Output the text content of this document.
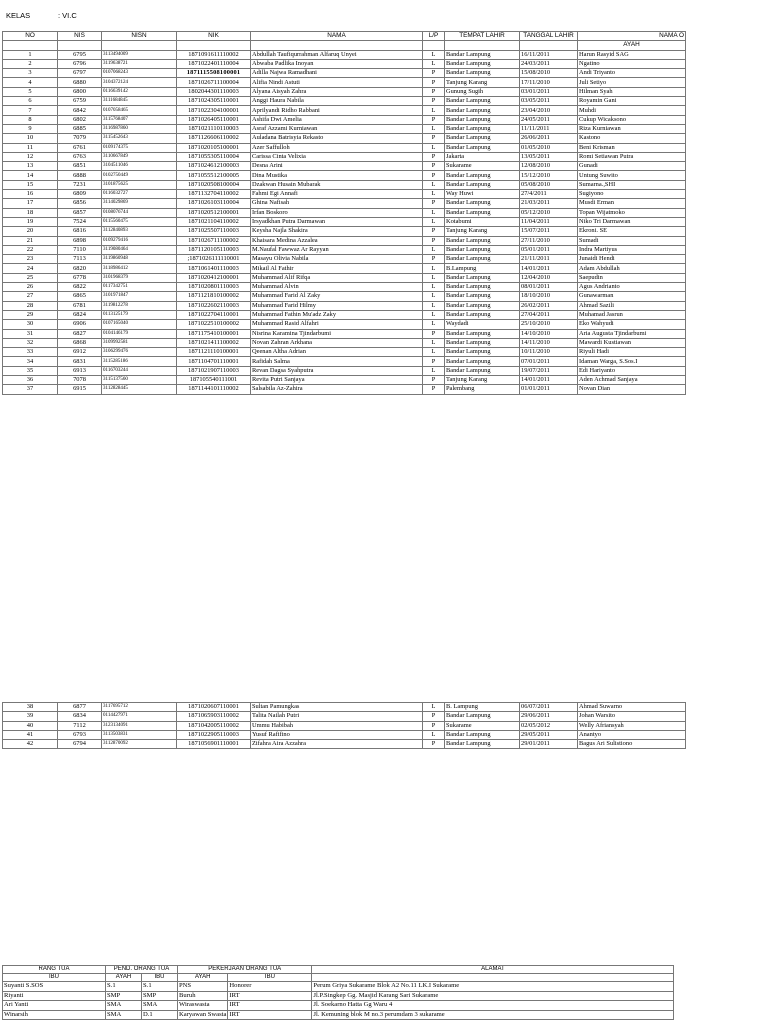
KELAS	: VI.C
NO	NIS	NISN	NIK	NAMA	L/P	TEMPAT LAHIR	TANGGAL LAHIR	NAMA O
								AYAH
1	6795	3113494009	1871091611110002	Abdullah Taufiqurrahman Alfaruq Unyei	L	Bandar Lampung	16/11/2011	Harun Rasyid SAG
2	6796	3119638721	1871022401110004	Abwaba Padlika Inoyan	L	Bandar Lampung	24/03/2011	Ngatino
3	6797	0107068243	1871115508100001	Adilla Najwa Ramadhani	P	Bandar Lampung	15/08/2010	Andi Triyanto
4	6880	3104372124	1871026711100004	Alifia Nindi Astuti	P	Tanjung Karang	17/11/2010	Juli Setiyo
5	6800	0116639142	1802044301110003	Alyana Aisyah Zahra	P	Gunung Sugih	03/01/2011	Hilman Syah
6	6759	3111684845	1871024305110001	Anggi Haura Nabila	P	Bandar Lampung	03/05/2011	Royamin Gani
7	6842	0107058465	1871022304100001	Aprilyandi Ridho Rabbani	L	Bandar Lampung	23/04/2010	Muhdi
8	6802	3115768407	1871026405110001	Ashifa Dwi Amelia	P	Bandar Lampung	24/05/2011	Cukup Wicaksono
9	6885	3116987860	1871021110110003	Asraf Azzami Kurniawan	L	Bandar Lampung	11/11/2011	Riza Kurniawan
10	7079	3115452643	1871126606110002	Auladana Batrisyia Rekasto	P	Bandar Lampung	26/06/2011	Kastono
11	6761	0109174375	1871020105100001	Azer Saffulloh	L	Bandar Lampung	01/05/2010	Beni Krisman
12	6763	3110667849	1871055305110004	Carissa Cinta Velixia	P	Jakarta	13/05/2011	Romi Setiawan Putra
13	6851	3104511046	1871024612100003	Desna Arini	P	Sukarame	12/08/2010	Gunadi
14	6888	0102750449	1871055512100005	Dina Mustika	P	Bandar Lampung	15/12/2010	Untung Suwito
15	7231	3101875625	1871020508100004	Dzakwan Husain Mubarak	L	Bandar Lampung	05/08/2010	Sumarna.,SHI
16	6809	0116032727	1871132704110002	Fahmi Egi Annafi	L	Way Huwi	27/4/2011	Sugiyono
17	6856	3114029869	1871026103110004	Ghina Nafisah	P	Bandar Lampung	21/03/2011	Musdi Erman
18	6857	0108076744	1871020512100001	Irfan Boskoro	L	Bandar Lampung	05/12/2010	Topan Wijatmoko
19	7524	0115560475	1871021104110002	Irsyadkhan Putra Darmawan	L	Kotabumi	11/04/2011	Niko Tri Darmawan
20	6816	3112840893	1871025507110003	Keysha Najla Shakira	P	Tanjung Karang	15/07/2011	Ekroni. SE
21	6898	0109279416	1871026711100002	Khaisara Medina Azzalea	P	Bandar Lampung	27/11/2010	Sumadi
22	7110	3119080464	1871120105110003	M.Naufal Fawwaz Ar Rayyan	L	Bandar Lampung	05/01/2011	Indra Martiyus
23	7113	3119860948	;1871026111110001	Masayu Olivia Nabila	P	Bandar Lampung	21/11/2011	Junaidi Hendi
24	6820	3118986412	1871061401110003	Mikail Al Fathir	L	B.Lampung	14/01/2011	Adam Abdullah
25	6778	3101968379	1871020412100001	Muhammad Alif Rifqa	L	Bandar Lampung	12/04/2010	Saepudin
26	6822	0117342751	1871020801110003	Muhammad Alvin	L	Bandar Lampung	08/01/2011	Agus Andrianto
27	6865	3101971847	1871121810100002	Muhammad Farid Al Zaky	L	Bandar Lampung	18/10/2010	Gunawarman
28	6781	3119812278	1871022602110003	Muhammad Farid Hilmy	L	Bandar Lampung	26/02/2011	Ahmad Sazili
29	6824	0113125179	1871022704110001	Muhammad Fathin Mu'adz Zaky	L	Bandar Lampung	27/04/2011	Muhamad Jasrun
30	6906	0107165040	1871022510100002	Muhammad Rasid Alfahri	L	Waydadi	25/10/2010	Eko Wahyudi
31	6827	0104146179	1871175410100001	Nisrina Karamina Tjindarbumi	P	Bandar Lampung	14/10/2010	Aria Augusta Tjindarbumi
32	6868	3109992581	1871021411100002	Novan Zahran Arkhana	L	Bandar Lampung	14/11/2010	Mawardi Kustiawan
33	6912	3106299476	1871121110100001	Qeenan Altha Adrian	L	Bandar Lampung	10/11/2010	Riyuli Hadi
34	6831	3115285186	1871104701110001	Rafidah Salma	P	Bandar Lampung	07/01/2011	Idaman Warga, S.Sos.I
35	6913	0116703244	1871021907110003	Revan Dagsa Syahputra	L	Bandar Lampung	19/07/2011	Edi Hariyanto
36	7078	3115137560	187105540111001	Revita Putri Sanjaya	P	Tanjung Karang	14/01/2011	Aden Achmad Sanjaya
37	6915	3112828445	1871144101110002	Salsabila Az-Zahira	P	Palembang	01/01/2011	Novan Dian
38	6877	3117695712	1871020607110001	Sultan Pamungkas	L	B. Lampung	06/07/2011	Ahmad Suwarno
39	6834	0114427971	1871065903110002	Talita Nailah Putri	P	Bandar Lampung	29/06/2011	Johan Warsito
40	7112	3123134091	1871042005110002	Ummu Habibah	P	Sukarame	02/05/2012	Welly Afriansyah
41	6793	3113503831	1871022905110003	Yusuf Rafifino	L	Bandar Lampung	29/05/2011	Anantyo
42	6794	3112870092	1871056901110001	Zifahra Aira Azzahra	P	Bandar Lampung	29/01/2011	Bagus Ari Sulistiono
RANG TUA	PEND. ORANG TUA		PEKERJAAN ORANG TUA		ALAMAT
IBU	AYAH	IBU	AYAH	IBU	
Suyanti S.SOS	S.1	S.1	PNS	Honorer	Perum Griya Sukarame Blok A2 No.11 LK.I Sukarame
Riyanti	SMP	SMP	Buruh	IRT	Jl.P.Singkep Gg. Masjid Karang Sari Sukarame
Ari Yanti	SMA	SMA	Wiraswasta	IRT	Jl. Soekarno Hatta Gg Waru 4
Winarsih	SMA	D.1	Karyawan Swasta	IRT	Jl. Kemuning blok M no.3 perumdam 3 sukarame
